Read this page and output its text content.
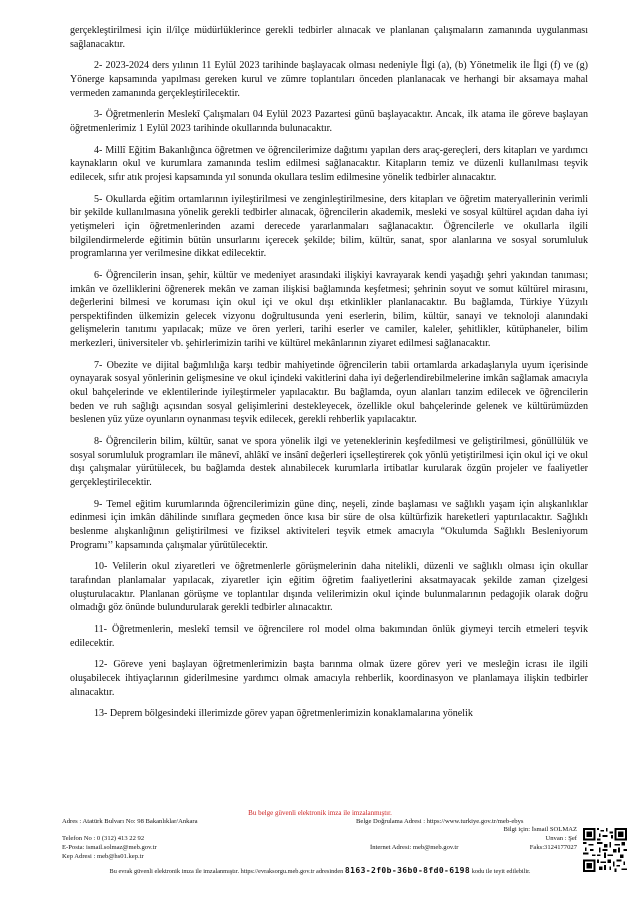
gerçekleştirilmesi için il/ilçe müdürlüklerince gerekli tedbirler alınacak ve planlanan çalışmaların zamanında uygulanması sağlanacaktır.

2- 2023-2024 ders yılının 11 Eylül 2023 tarihinde başlayacak olması nedeniyle İlgi (a), (b) Yönetmelik ile İlgi (f) ve (g) Yönerge kapsamında yapılması gereken kurul ve zümre toplantıları önceden planlanacak ve herhangi bir aksamaya mahal vermeden zamanında gerçekleştirilecektir.

3- Öğretmenlerin Meslekî Çalışmaları 04 Eylül 2023 Pazartesi günü başlayacaktır. Ancak, ilk atama ile göreve başlayan öğretmenlerimiz 1 Eylül 2023 tarihinde okullarında bulunacaktır.

4- Millî Eğitim Bakanlığınca öğretmen ve öğrencilerimize dağıtımı yapılan ders araç-gereçleri, ders kitapları ve yardımcı kaynakların okul ve kurumlara zamanında teslim edilmesi sağlanacaktır. Kitapların temiz ve düzenli kullanılması teşvik edilecek, sıfır atık projesi kapsamında yıl sonunda okullara teslim edilmesine yönelik tedbirler alınacaktır.

5- Okullarda eğitim ortamlarının iyileştirilmesi ve zenginleştirilmesine, ders kitapları ve öğretim materyallerinin verimli bir şekilde kullanılmasına yönelik gerekli tedbirler alınacak, öğrencilerin akademik, mesleki ve sosyal kültürel açıdan daha iyi yetişmeleri için öğretmenlerinden azami derecede yararlanmaları sağlanacaktır. Öğrencilerle ve okullarla ilgili bilgilendirmelerde eğitimin bütün unsurlarını içerecek şekilde; bilim, kültür, sanat, spor alanlarına ve sosyal sorumluluk programlarına yer verilmesine dikkat edilecektir.

6- Öğrencilerin insan, şehir, kültür ve medeniyet arasındaki ilişkiyi kavrayarak kendi yaşadığı şehri yakından tanıması; imkân ve özelliklerini öğrenerek mekân ve zaman ilişkisi bağlamında keşfetmesi; şehrinin soyut ve somut kültürel mirasını, değerlerini bilmesi ve koruması için okul içi ve okul dışı etkinlikler planlanacaktır. Bu bağlamda, Türkiye Yüzyılı perspektifinden ülkemizin gelecek vizyonu doğrultusunda yeni eserlerin, bilim, kültür, sanayi ve teknoloji alanındaki gelişmelerin tanıtımı yapılacak; müze ve ören yerleri, tarihi eserler ve camiler, kaleler, şehitlikler, kütüphaneler, bilim merkezleri, üniversiteler vb. şehirlerimizin tarihi ve kültürel mekânlarının ziyaret edilmesi sağlanacaktır.

7- Obezite ve dijital bağımlılığa karşı tedbir mahiyetinde öğrencilerin tabii ortamlarda arkadaşlarıyla uyum içerisinde oynayarak sosyal yönlerinin gelişmesine ve okul içindeki vakitlerini daha iyi değerlendirebilmelerine imkân sağlamak amacıyla okul bahçelerinde ve eklentilerinde iyileştirmeler yapılacaktır. Bu bağlamda, oyun alanları tanzim edilecek ve öğrencilerin beden ve ruh sağlığı açısından sosyal gelişimlerini destekleyecek, özellikle okul bahçelerinde gelenek ve kültürümüzden beslenen yüz yüze oyunların oynanması teşvik edilecek, gerekli rehberlik yapılacaktır.

8- Öğrencilerin bilim, kültür, sanat ve spora yönelik ilgi ve yeteneklerinin keşfedilmesi ve geliştirilmesi, gönüllülük ve sosyal sorumluluk programları ile mânevî, ahlâkî ve insânî değerleri içselleştirerek çok yönlü yetiştirilmesi için okul içi ve okul dışı çalışmalar yürütülecek, bu bağlamda destek alınabilecek kurumlarla irtibatlar kurularak özgün projeler ve faaliyetler gerçekleştirilecektir.

9- Temel eğitim kurumlarında öğrencilerimizin güne dinç, neşeli, zinde başlaması ve sağlıklı yaşam için alışkanlıklar edinmesi için imkân dâhilinde sınıflara geçmeden önce kısa bir süre de olsa kültürfizik hareketleri yaptırılacaktır. Sağlıklı beslenme alışkanlığının geliştirilmesi ve fiziksel aktiviteleri teşvik etmek amacıyla “Okulumda Sağlıklı Besleniyorum Programı’’ kapsamında çalışmalar yürütülecektir.

10- Velilerin okul ziyaretleri ve öğretmenlerle görüşmelerinin daha nitelikli, düzenli ve sağlıklı olması için okullar tarafından planlamalar yapılacak, ziyaretler için eğitim öğretim faaliyetlerini aksatmayacak şekilde zaman çizelgesi oluşturulacaktır. Planlanan görüşme ve toplantılar dışında velilerimizin okul içinde bulunmalarının pedagojik olarak doğru olmadığı göz önünde bulundurularak gerekli tedbirler alınacaktır.

11- Öğretmenlerin, meslekî temsil ve öğrencilere rol model olma bakımından önlük giymeyi tercih etmeleri teşvik edilecektir.

12- Göreve yeni başlayan öğretmenlerimizin başta barınma olmak üzere görev yeri ve mesleğin icrası ile ilgili oluşabilecek ihtiyaçlarının giderilmesine yardımcı olmak amacıyla rehberlik, koordinasyon ve planlamaya ilişkin tedbirler alınacaktır.

13- Deprem bölgesindeki illerimizde görev yapan öğretmenlerimizin konaklamalarına yönelik

Bu belge güvenli elektronik imza ile imzalanmıştır.
Adres : Atatürk Bulvarı No: 98 Bakanlıklar/Ankara	Belge Doğrulama Adresi : https://www.turkiye.gov.tr/meb-ebys
Bilgi için: İsmail SOLMAZ
Unvan : Şef
Telefon No : 0 (312) 413 22 92
E-Posta: ismail.solmaz@meb.gov.tr	İnternet Adresi: meb@meb.gov.tr	Faks:3124177027
Kep Adresi : meb@hs01.kep.tr
Bu evrak güvenli elektronik imza ile imzalanmıştır. https://evraksorgu.meb.gov.tr adresinden 8163-2f0b-36b0-8fd0-6198 kodu ile teyit edilebilir.
